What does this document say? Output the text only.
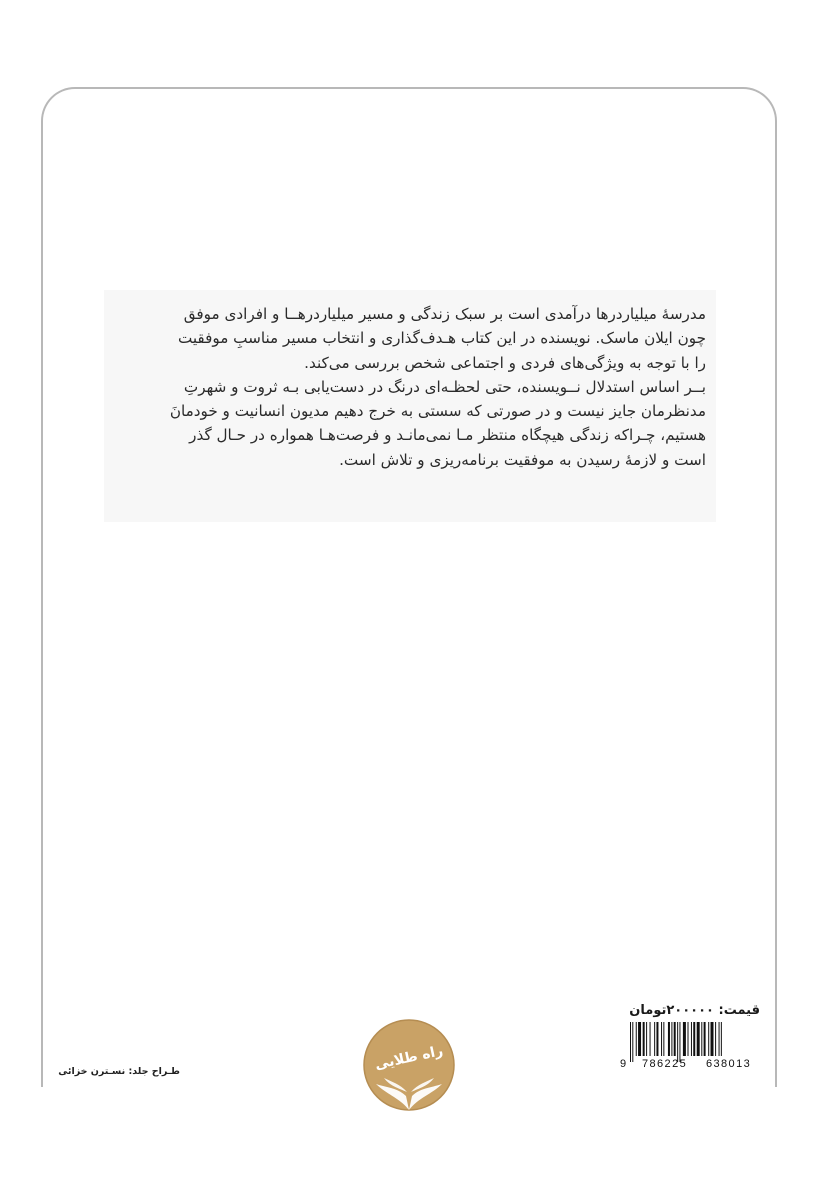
مدرسۀ میلیاردرها درآمدی است بر سبک زندگی و مسیر میلیاردرهــا و افرادی موفق
چون ایلان ماسک. نویسنده در این کتاب هـدف‌گذاری و انتخاب مسیر مناسبِ موفقیت
را با توجه به ویژگی‌های فردی و اجتماعی شخص بررسی می‌کند.
بــر اساس استدلال نــویسنده، حتی لحظـه‌ای درنگ در دست‌یابی بـه ثروت و شهرتِ
مدنظرمان جایز نیست و در صورتی که سستی به خرج دهیم مدیون انسانیت و خودمانَ
هستیم، چـراکه زندگی هیچگاه منتظر مـا نمی‌مانـد و فرصت‌هـا همواره در حـال گذر
است و لازمۀ رسیدن به موفقیت برنامه‌ریزی و تلاش است.
قیمت: ۲۰۰۰۰۰تومان
9 786225 638013
طـراح جلد: نسـترن خزائی	راه طلایی
